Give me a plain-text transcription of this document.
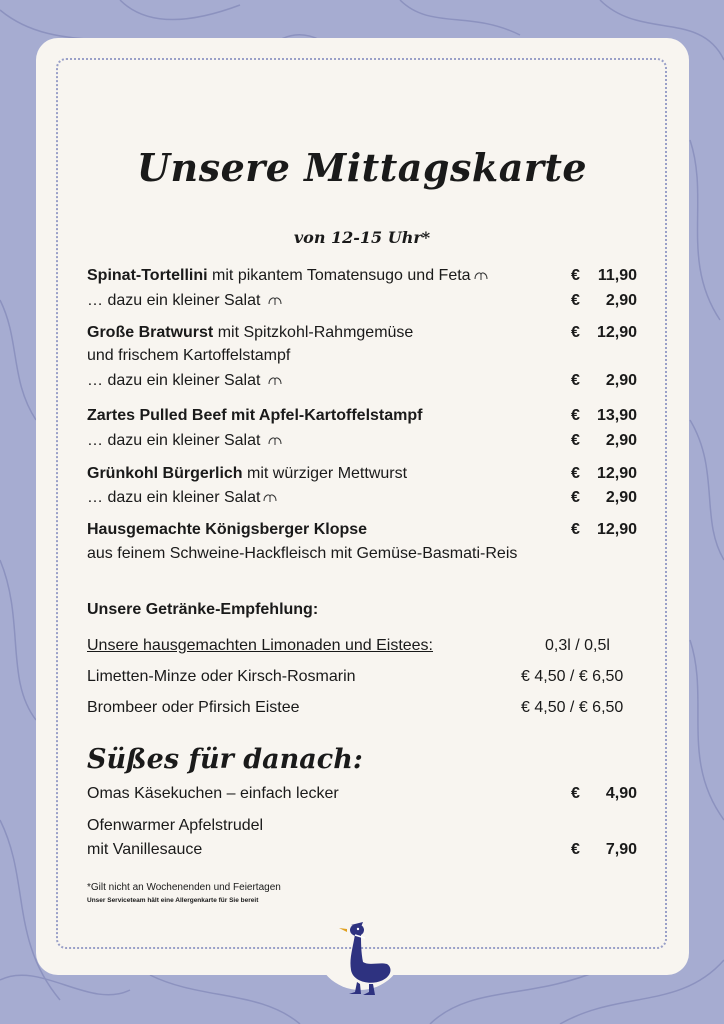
Unsere Mittagskarte
von 12-15 Uhr*
Spinat-Tortellini mit pikantem Tomatensugo und Feta	€ 11,90
… dazu ein kleiner Salat	€ 2,90
Große Bratwurst mit Spitzkohl-Rahmgemüse	€ 12,90
und frischem Kartoffelstampf
… dazu ein kleiner Salat	€ 2,90
Zartes Pulled Beef mit Apfel-Kartoffelstampf	€ 13,90
… dazu ein kleiner Salat	€ 2,90
Grünkohl Bürgerlich mit würziger Mettwurst	€ 12,90
… dazu ein kleiner Salat	€ 2,90
Hausgemachte Königsberger Klopse	€ 12,90
aus feinem Schweine-Hackfleisch mit Gemüse-Basmati-Reis
Unsere Getränke-Empfehlung:
Unsere hausgemachten Limonaden und Eistees:	0,3l / 0,5l
Limetten-Minze oder Kirsch-Rosmarin	€ 4,50 / € 6,50
Brombeer oder Pfirsich Eistee	€ 4,50 / € 6,50
Süßes für danach:
Omas Käsekuchen – einfach lecker	€ 4,90
Ofenwarmer Apfelstrudel
mit Vanillesauce	€ 7,90
*Gilt nicht an Wochenenden und Feiertagen
Unser Serviceteam hält eine Allergenkarte für Sie bereit
